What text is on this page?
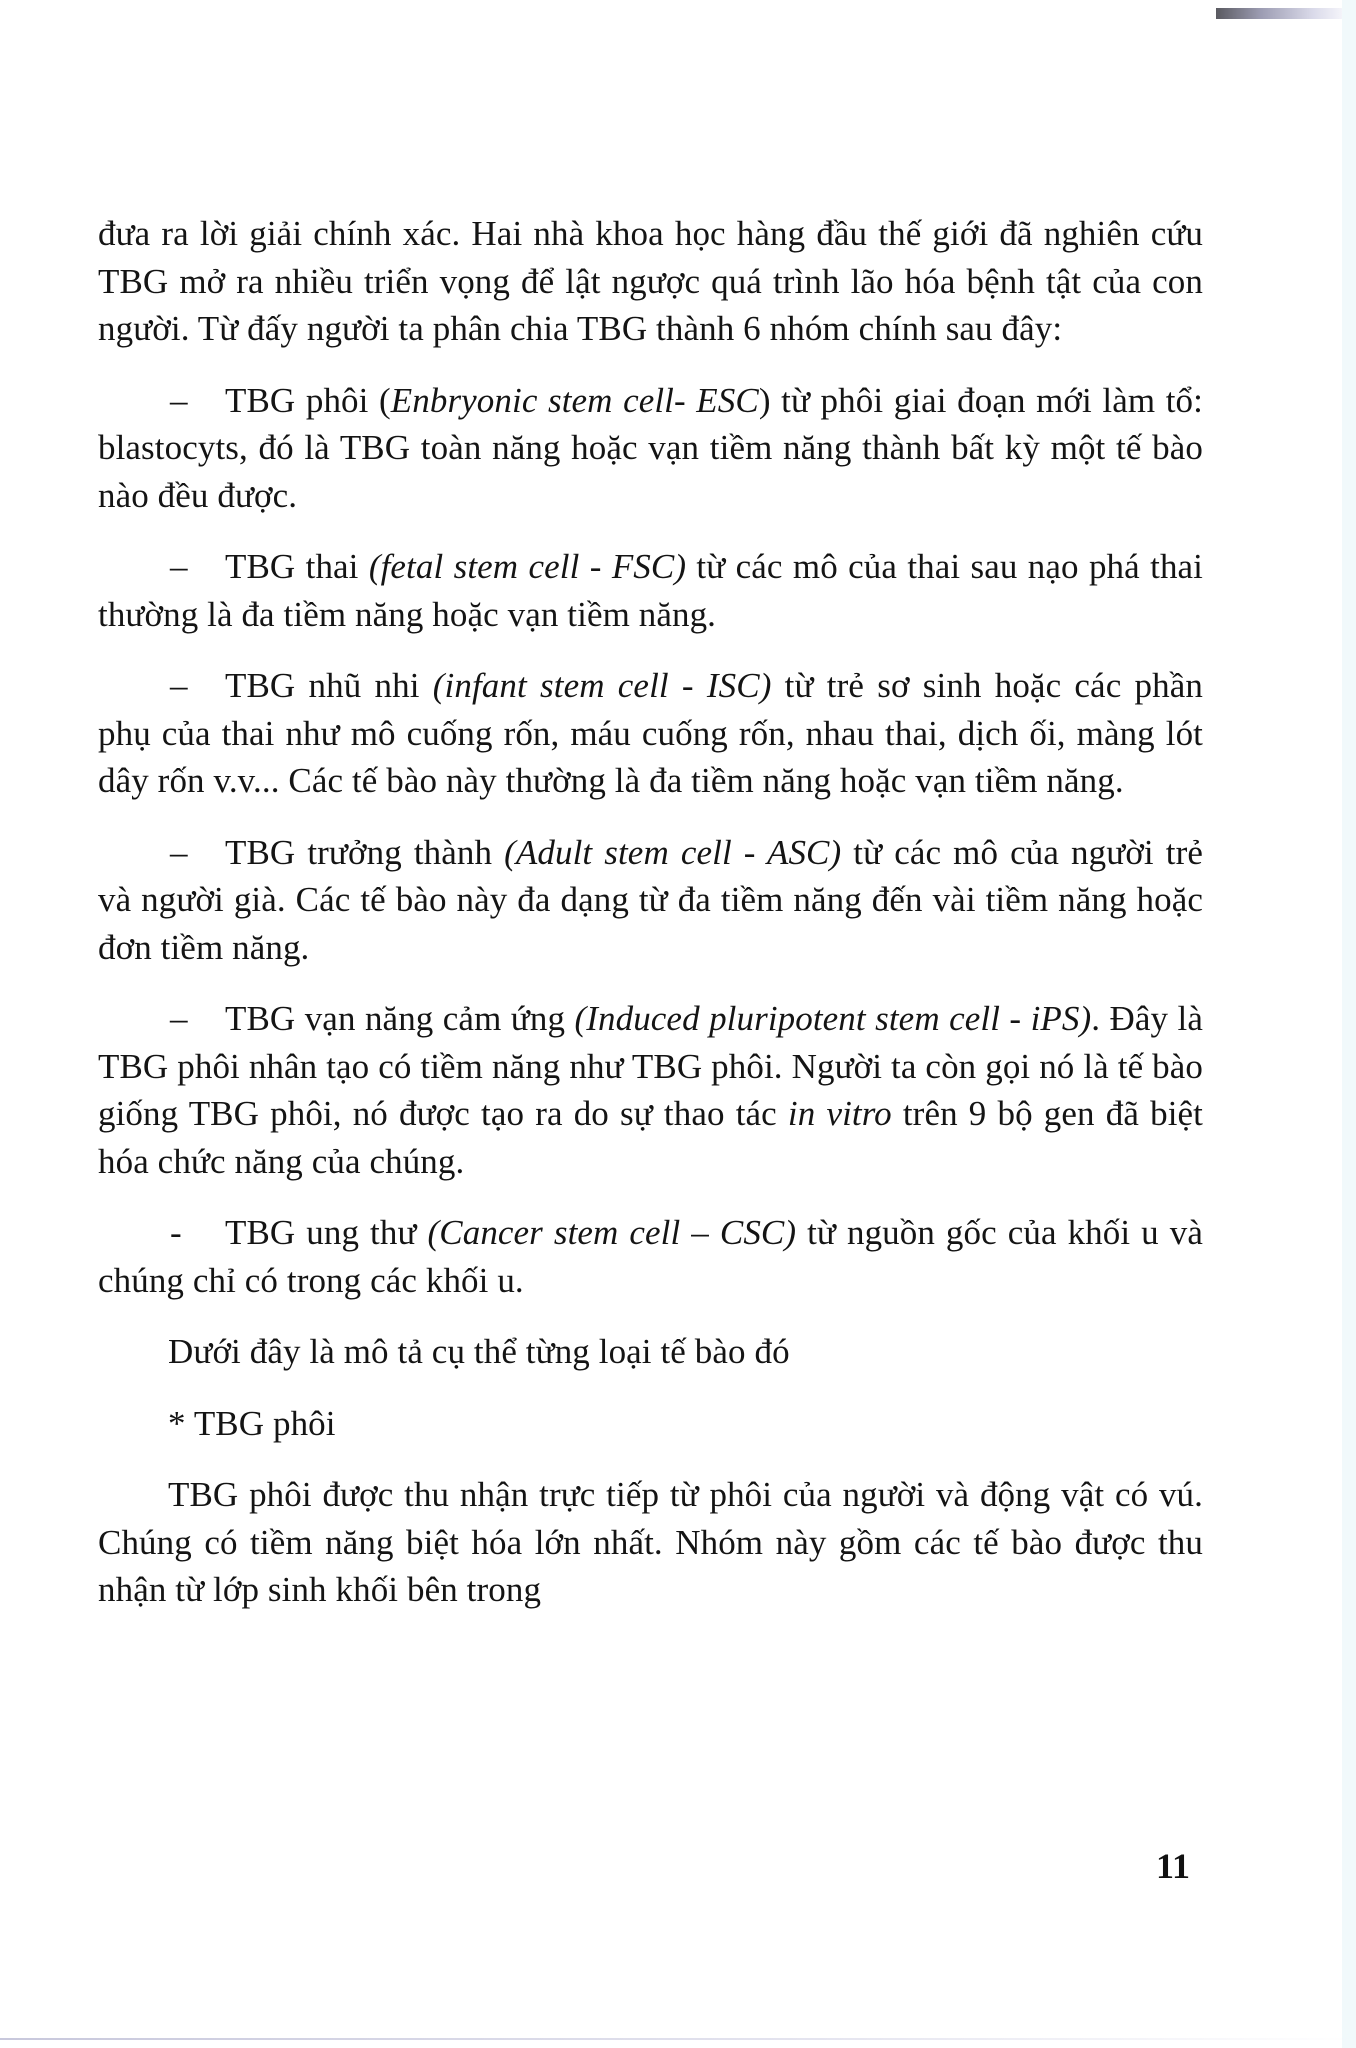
đưa ra lời giải chính xác. Hai nhà khoa học hàng đầu thế giới đã nghiên cứu TBG mở ra nhiều triển vọng để lật ngược quá trình lão hóa bệnh tật của con người. Từ đấy người ta phân chia TBG thành 6 nhóm chính sau đây:

– TBG phôi (Enbryonic stem cell- ESC) từ phôi giai đoạn mới làm tổ: blastocyts, đó là TBG toàn năng hoặc vạn tiềm năng thành bất kỳ một tế bào nào đều được.

– TBG thai (fetal stem cell - FSC) từ các mô của thai sau nạo phá thai thường là đa tiềm năng hoặc vạn tiềm năng.

– TBG nhũ nhi (infant stem cell - ISC) từ trẻ sơ sinh hoặc các phần phụ của thai như mô cuống rốn, máu cuống rốn, nhau thai, dịch ối, màng lót dây rốn v.v... Các tế bào này thường là đa tiềm năng hoặc vạn tiềm năng.

– TBG trưởng thành (Adult stem cell - ASC) từ các mô của người trẻ và người già. Các tế bào này đa dạng từ đa tiềm năng đến vài tiềm năng hoặc đơn tiềm năng.

– TBG vạn năng cảm ứng (Induced pluripotent stem cell - iPS). Đây là TBG phôi nhân tạo có tiềm năng như TBG phôi. Người ta còn gọi nó là tế bào giống TBG phôi, nó được tạo ra do sự thao tác in vitro trên 9 bộ gen đã biệt hóa chức năng của chúng.

- TBG ung thư (Cancer stem cell – CSC) từ nguồn gốc của khối u và chúng chỉ có trong các khối u.

Dưới đây là mô tả cụ thể từng loại tế bào đó

* TBG phôi

TBG phôi được thu nhận trực tiếp từ phôi của người và động vật có vú. Chúng có tiềm năng biệt hóa lớn nhất. Nhóm này gồm các tế bào được thu nhận từ lớp sinh khối bên trong

11
